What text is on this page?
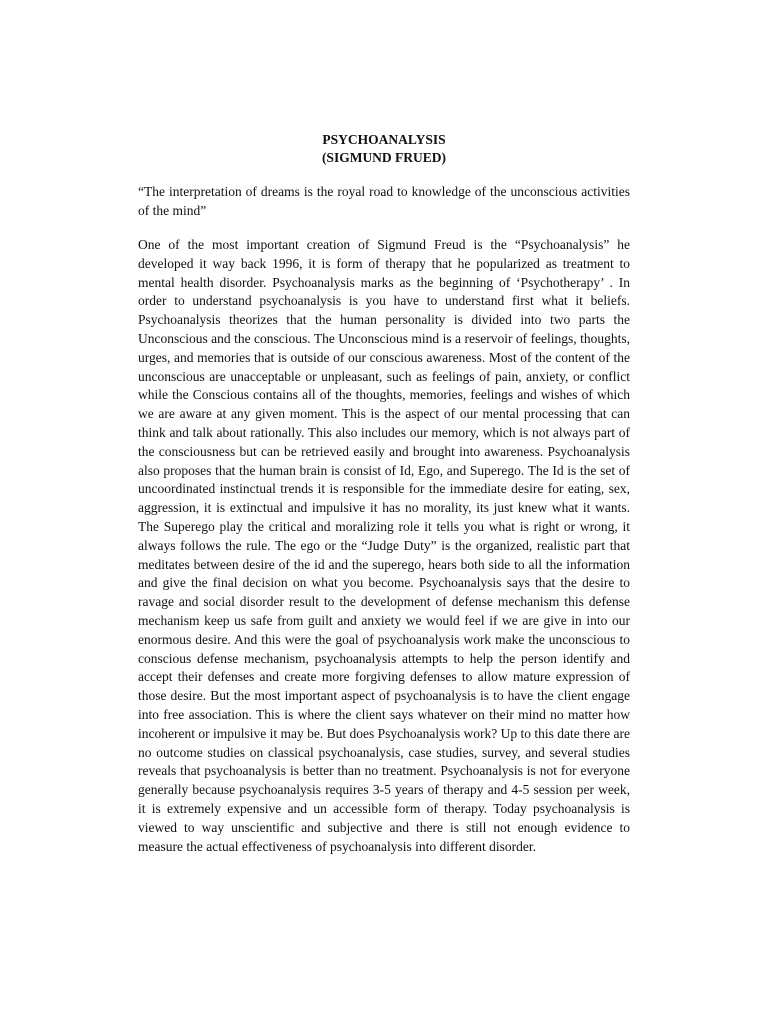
PSYCHOANALYSIS

(SIGMUND FRUED)

“The interpretation of dreams is the royal road to knowledge of the unconscious activities of the mind”

One of the most important creation of Sigmund Freud is the “Psychoanalysis” he developed it way back 1996, it is form of therapy that he popularized as treatment to mental health disorder. Psychoanalysis marks as the beginning of ‘Psychotherapy’ . In order to understand psychoanalysis is you have to understand first what it beliefs. Psychoanalysis theorizes that the human personality is divided into two parts the Unconscious and the conscious. The Unconscious mind is a reservoir of feelings, thoughts, urges, and memories that is outside of our conscious awareness. Most of the content of the unconscious are unacceptable or unpleasant, such as feelings of pain, anxiety, or conflict while the Conscious contains all of the thoughts, memories, feelings and wishes of which we are aware at any given moment. This is the aspect of our mental processing that can think and talk about rationally. This also includes our memory, which is not always part of the consciousness but can be retrieved easily and brought into awareness. Psychoanalysis also proposes that the human brain is consist of Id, Ego, and Superego. The Id is the set of uncoordinated instinctual trends it is responsible for the immediate desire for eating, sex, aggression, it is extinctual and impulsive it has no morality, its just knew what it wants. The Superego play the critical and moralizing role it tells you what is right or wrong, it always follows the rule. The ego or the “Judge Duty” is the organized, realistic part that meditates between desire of the id and the superego, hears both side to all the information and give the final decision on what you become. Psychoanalysis says that the desire to ravage and social disorder result to the development of defense mechanism this defense mechanism keep us safe from guilt and anxiety we would feel if we are give in into our enormous desire. And this were the goal of psychoanalysis work make the unconscious to conscious defense mechanism, psychoanalysis attempts to help the person identify and accept their defenses and create more forgiving defenses to allow mature expression of those desire. But the most important aspect of psychoanalysis is to have the client engage into free association. This is where the client says whatever on their mind no matter how incoherent or impulsive it may be. But does Psychoanalysis work? Up to this date there are no outcome studies on classical psychoanalysis, case studies, survey, and several studies reveals that psychoanalysis is better than no treatment. Psychoanalysis is not for everyone generally because psychoanalysis requires 3-5 years of therapy and 4-5 session per week, it is extremely expensive and un accessible form of therapy. Today psychoanalysis is viewed to way unscientific and subjective and there is still not enough evidence to measure the actual effectiveness of psychoanalysis into different disorder.
